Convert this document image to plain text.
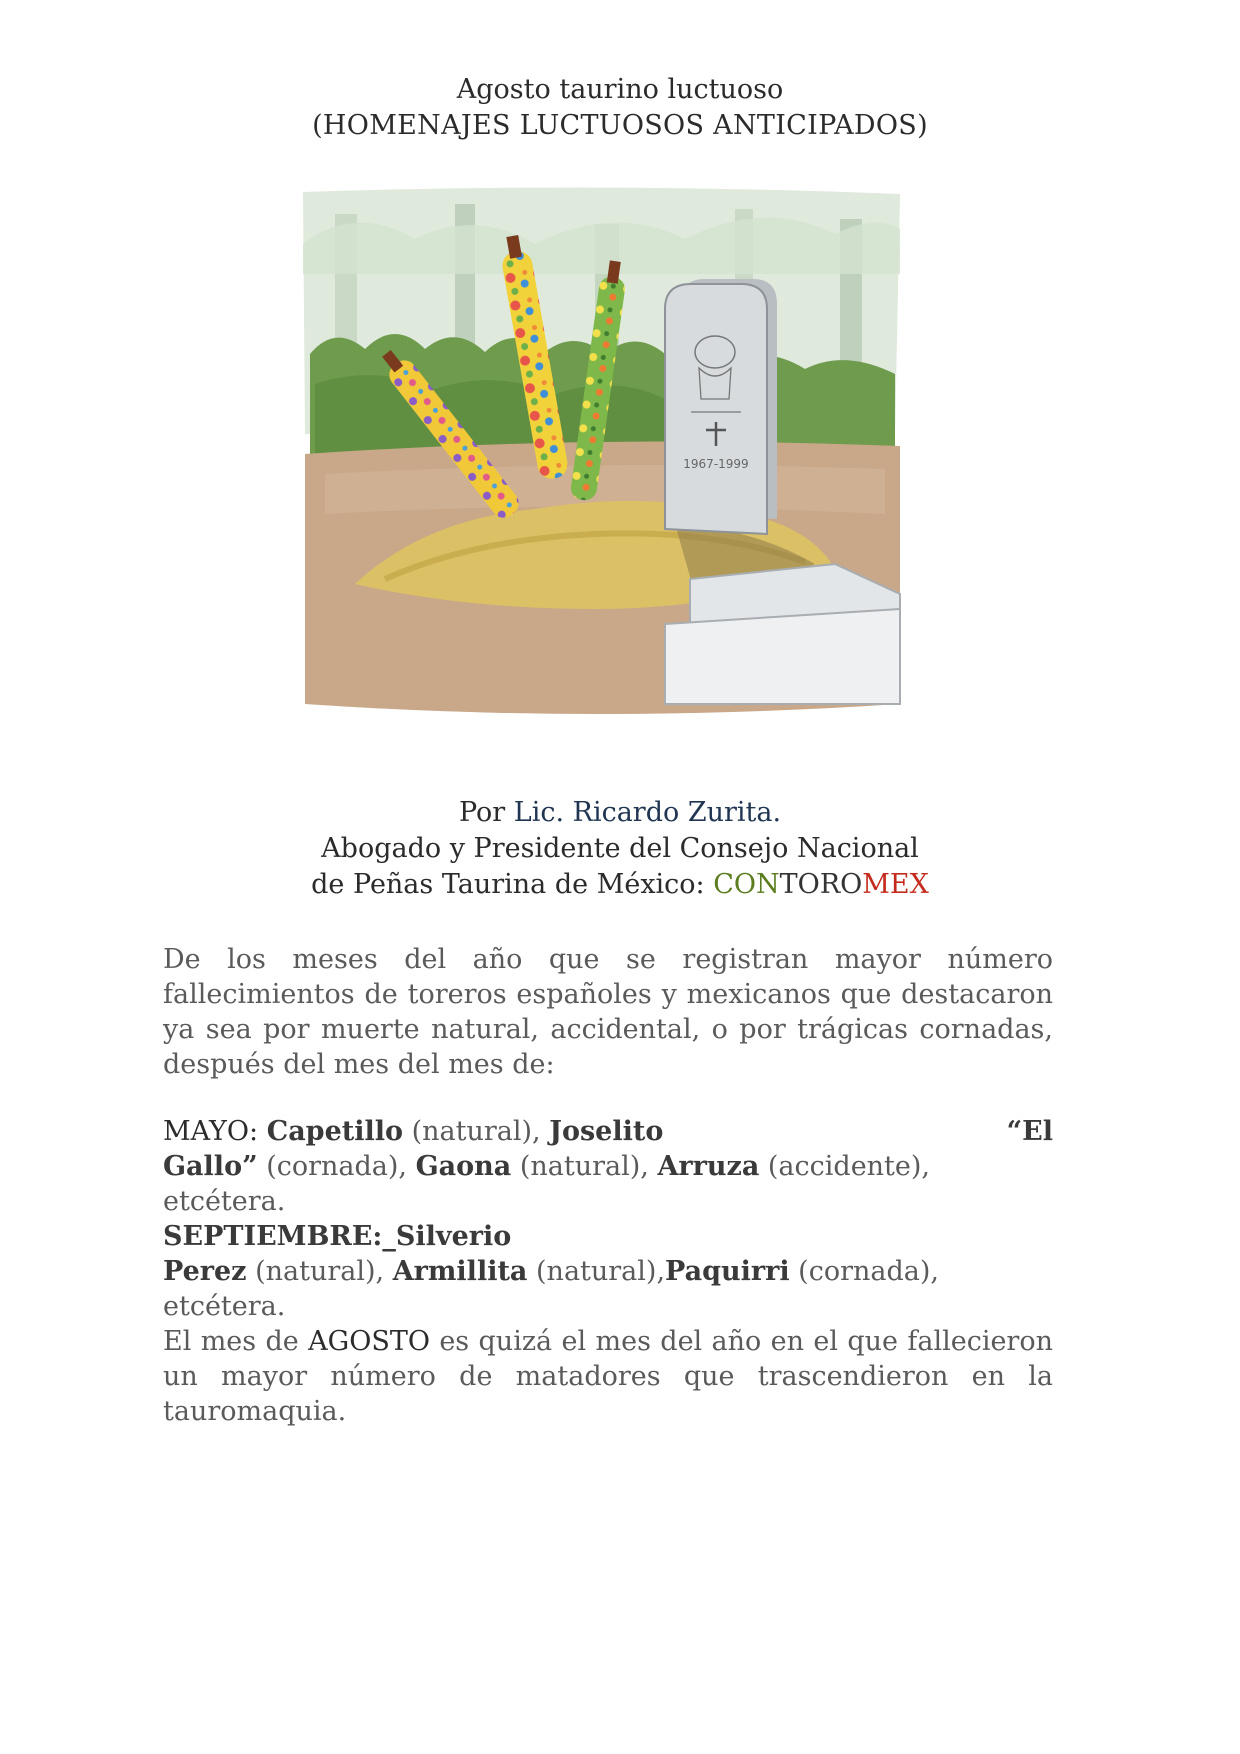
Agosto taurino luctuoso
(HOMENAJES LUCTUOSOS ANTICIPADOS)
1967-1999
Por Lic. Ricardo Zurita.
Abogado y Presidente del Consejo Nacional
de Peñas Taurina de México: CONTOROMEX
De los meses del año que se registran mayor número fallecimientos de toreros españoles y mexicanos que destacaron ya sea por muerte natural, accidental, o por trágicas cornadas, después del mes del mes de:
MAYO: Capetillo (natural), Joselito	“El
Gallo” (cornada), Gaona (natural), Arruza (accidente), etcétera.
SEPTIEMBRE:_Silverio
Perez (natural), Armillita (natural),Paquirri (cornada), etcétera.
El mes de AGOSTO es quizá el mes del año en el que fallecieron un mayor número de matadores que trascendieron en la tauromaquia.
